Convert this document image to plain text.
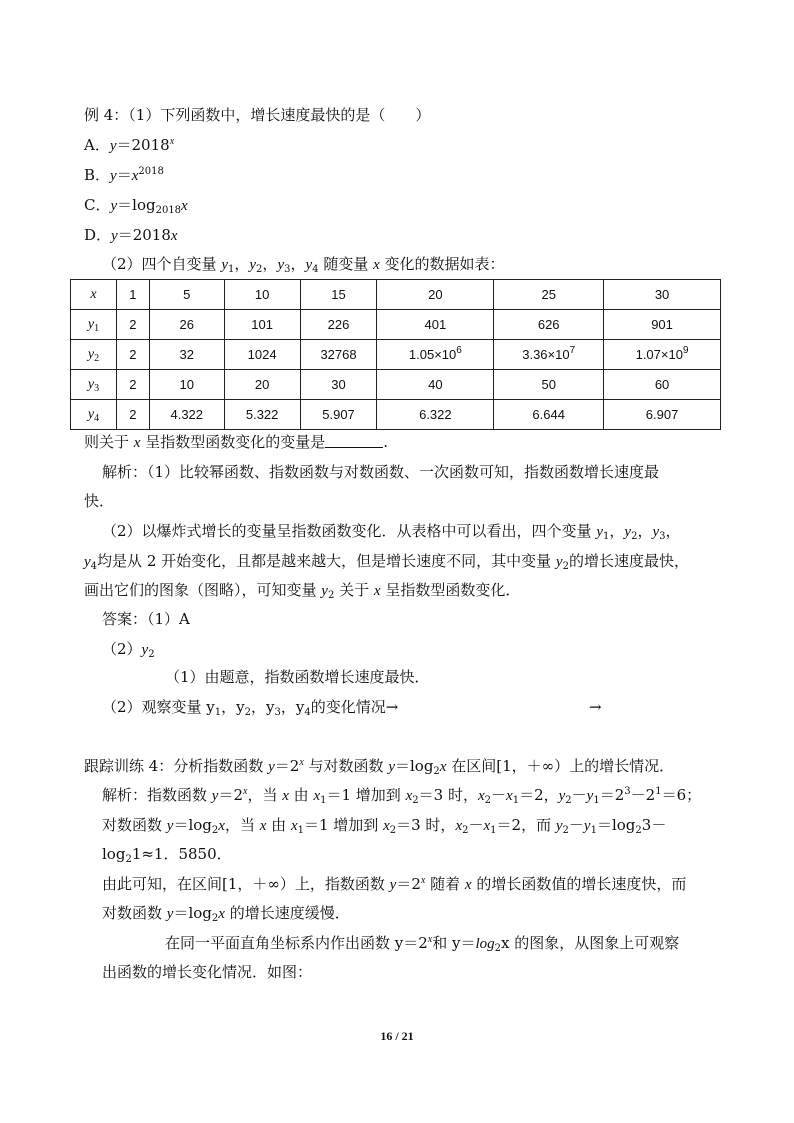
例 4：（1）下列函数中，增长速度最快的是（　　）
A．$y=2018^x$
B．$y=x^{2018}$
C．$y=\log_{2018}x$
D．y＝2018x
（2）四个自变量 $y_1$，$y_2$，$y_3$，$y_4$ 随变量 x 变化的数据如表：
x	1	5	10	15	20	25	30
$y_1$	2	26	101	226	401	626	901
$y_2$	2	32	1024	32768	$1.05\times 10^6$	$3.36\times 10^7$	$1.07\times 10^9$
$y_3$	2	10	20	30	40	50	60
$y_4$	2	4.322	5.322	5.907	6.322	6.644	6.907
则关于 x 呈指数型函数变化的变量是	.
解析：（1）比较幂函数、指数函数与对数函数、一次函数可知，指数函数增长速度最
快．
（2）以爆炸式增长的变量呈指数函数变化．从表格中可以看出，四个变量 $y_1$，$y_2$，$y_3$，
$y_4$均是从 2 开始变化，且都是越来越大，但是增长速度不同，其中变量 $y_2$的增长速度最快，
画出它们的图象（图略），可知变量 $y_2$ 关于 x 呈指数型函数变化．
答案：（1）A
$(2)y_2$
（1）由题意，指数函数增长速度最快．
（2）观察变量 $y_1$，$y_2$，$y_3$，$y_4$的变化情况→	→
跟踪训练 4：分析指数函数 $y=2^x$ 与对数函数 $y=\log_2x$ 在区间[1，＋∞）上的增长情况．
解析：指数函数 $y=2^x$，当 x 由 $x_1=1$ 增加到 $x_2=3$ 时，$x_2-x_1=2$，$y_2-y_1=2^3-2^1=6$；
对数函数 $y=\log_2x$，当 x 由 $x_1=1$ 增加到 $x_2=3$ 时，$x_2-x_1=2$，而 $y_2-y_1=\log_23-$
$\log_21\approx 1$．5850．
由此可知，在区间[1，＋∞）上，指数函数 $y=2^x$ 随着 x 的增长函数值的增长速度快，而
对数函数 $y=\log_2x$ 的增长速度缓慢．
在同一平面直角坐标系内作出函数 $y=2^x$和 $y=\log_2x$ 的图象，从图象上可观察
出函数的增长变化情况．如图：
16 / 21
